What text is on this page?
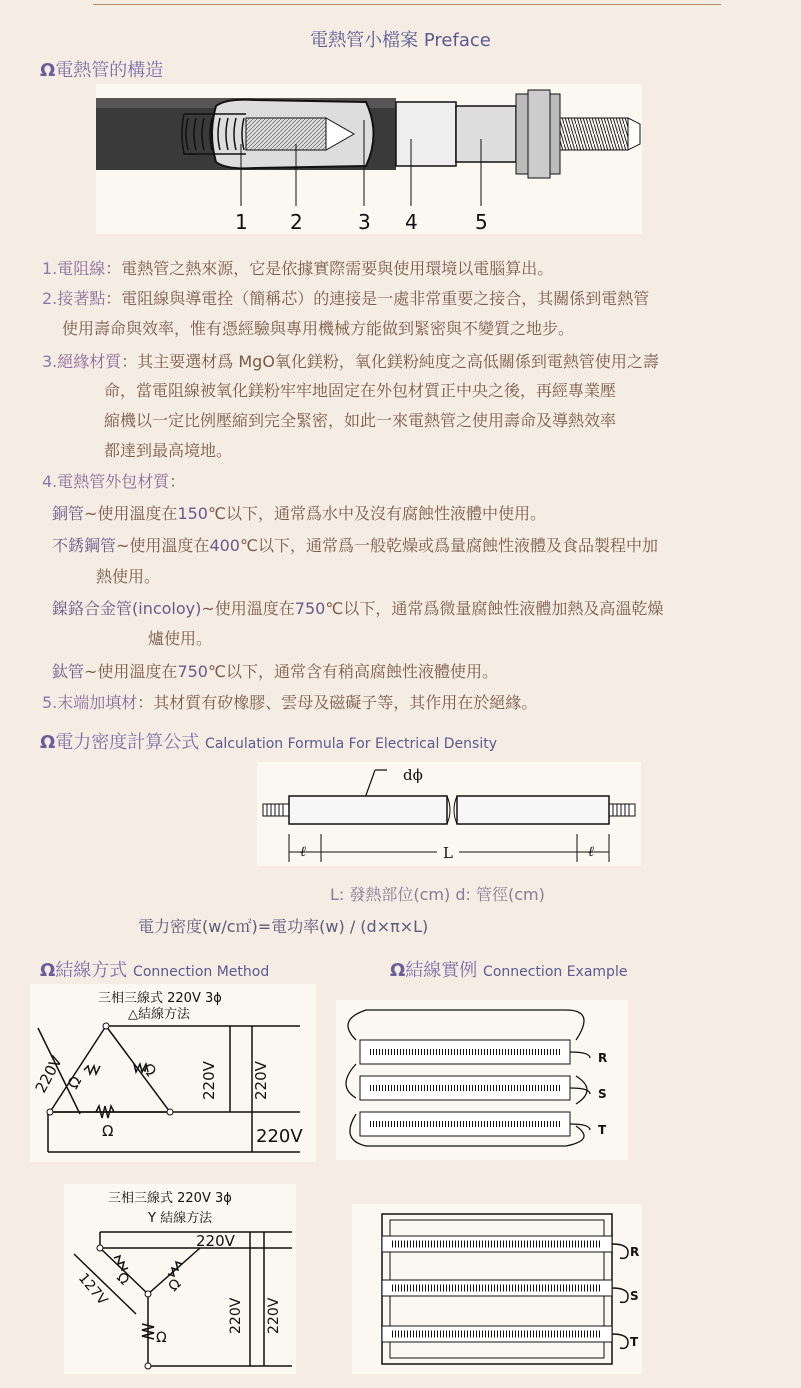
電熱管小檔案 Preface
Ω電熱管的構造
1 2	3 4	5
1.電阻線：電熱管之熱來源，它是依據實際需要與使用環境以電腦算出。
2.接著點：電阻線與導電拴（簡稱芯）的連接是一處非常重要之接合，其關係到電熱管
使用壽命與效率，惟有憑經驗與專用機械方能做到緊密與不變質之地步。
3.絕緣材質：其主要選材爲 MgO氧化鎂粉，氧化鎂粉純度之高低關係到電熱管使用之壽
命，當電阻線被氧化鎂粉牢牢地固定在外包材質正中央之後，再經專業壓
縮機以一定比例壓縮到完全緊密，如此一來電熱管之使用壽命及導熱效率
都達到最高境地。
4.電熱管外包材質：
銅管~使用溫度在150℃以下，通常爲水中及沒有腐蝕性液體中使用。
不銹鋼管~使用溫度在400℃以下，通常爲一般乾燥或爲量腐蝕性液體及食品製程中加
熱使用。
鎳鉻合金管(incoloy)~使用溫度在750℃以下，通常爲微量腐蝕性液體加熱及高溫乾燥
爐使用。
鈦管~使用溫度在750℃以下，通常含有稍高腐蝕性液體使用。
5.末端加填材：其材質有矽橡膠、雲母及磁礙子等，其作用在於絕緣。
Ω電力密度計算公式 Calculation Formula For Electrical Density
dϕ
ℓ	ℓ
L
L: 發熱部位(cm) d: 管徑(cm)
電力密度(w/c㎡)=電功率(w) / (d×π×L)
Ω結線方式 Connection Method	Ω結線實例 Connection Example
三相三線式 220V 3ϕ
△結線方法
Ω
Ω
Ω
220V	220V 220V
220V
R
S
T
三相三線式 220V 3ϕ
Y 結線方法
Ω Ω
Ω
220V
127V
220V 220V
R
S
T
